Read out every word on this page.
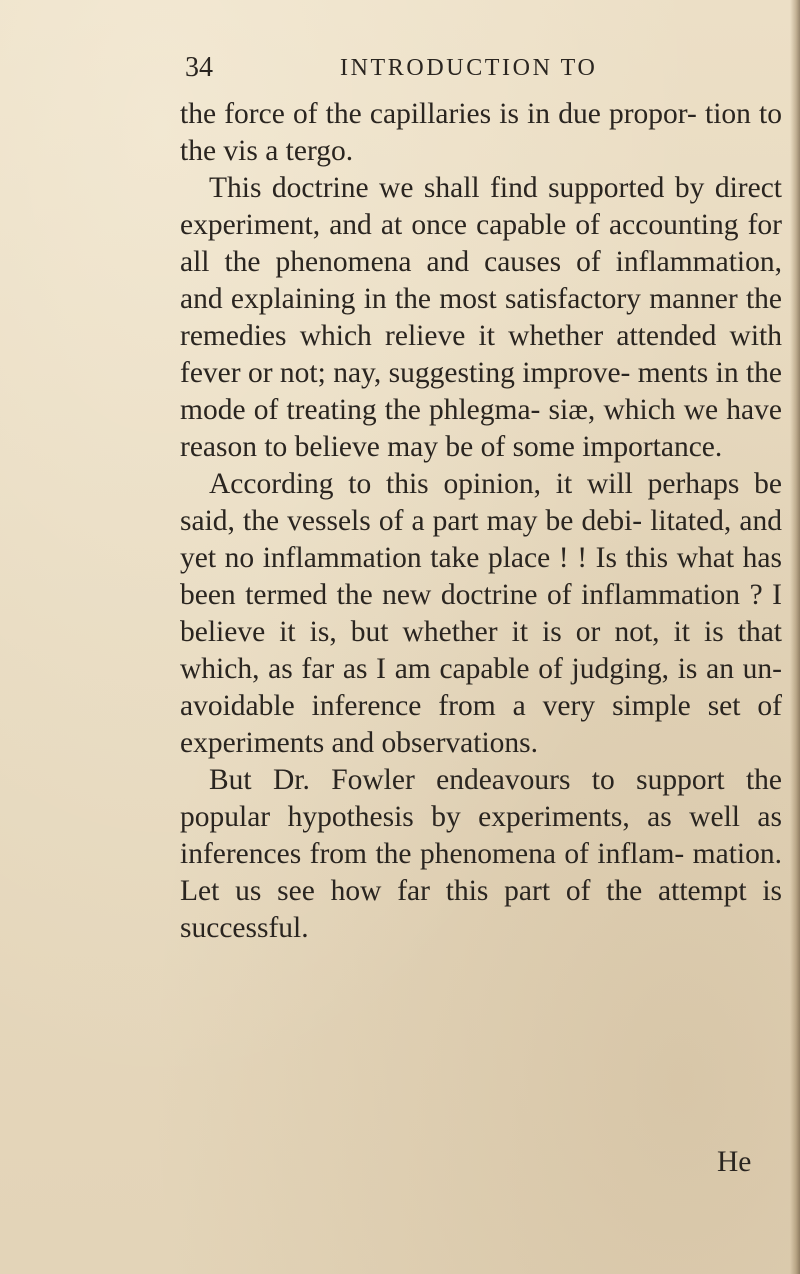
34	INTRODUCTION TO

the force of the capillaries is in due propor- tion to the vis a tergo.

This doctrine we shall find supported by direct experiment, and at once capable of accounting for all the phenomena and causes of inflammation, and explaining in the most satisfactory manner the remedies which relieve it whether attended with fever or not; nay, suggesting improve- ments in the mode of treating the phlegma- siæ, which we have reason to believe may be of some importance.

According to this opinion, it will perhaps be said, the vessels of a part may be debi- litated, and yet no inflammation take place ! ! Is this what has been termed the new doctrine of inflammation ? I believe it is, but whether it is or not, it is that which, as far as I am capable of judging, is an un- avoidable inference from a very simple set of experiments and observations.

But Dr. Fowler endeavours to support the popular hypothesis by experiments, as well as inferences from the phenomena of inflam- mation. Let us see how far this part of the attempt is successful.

He
